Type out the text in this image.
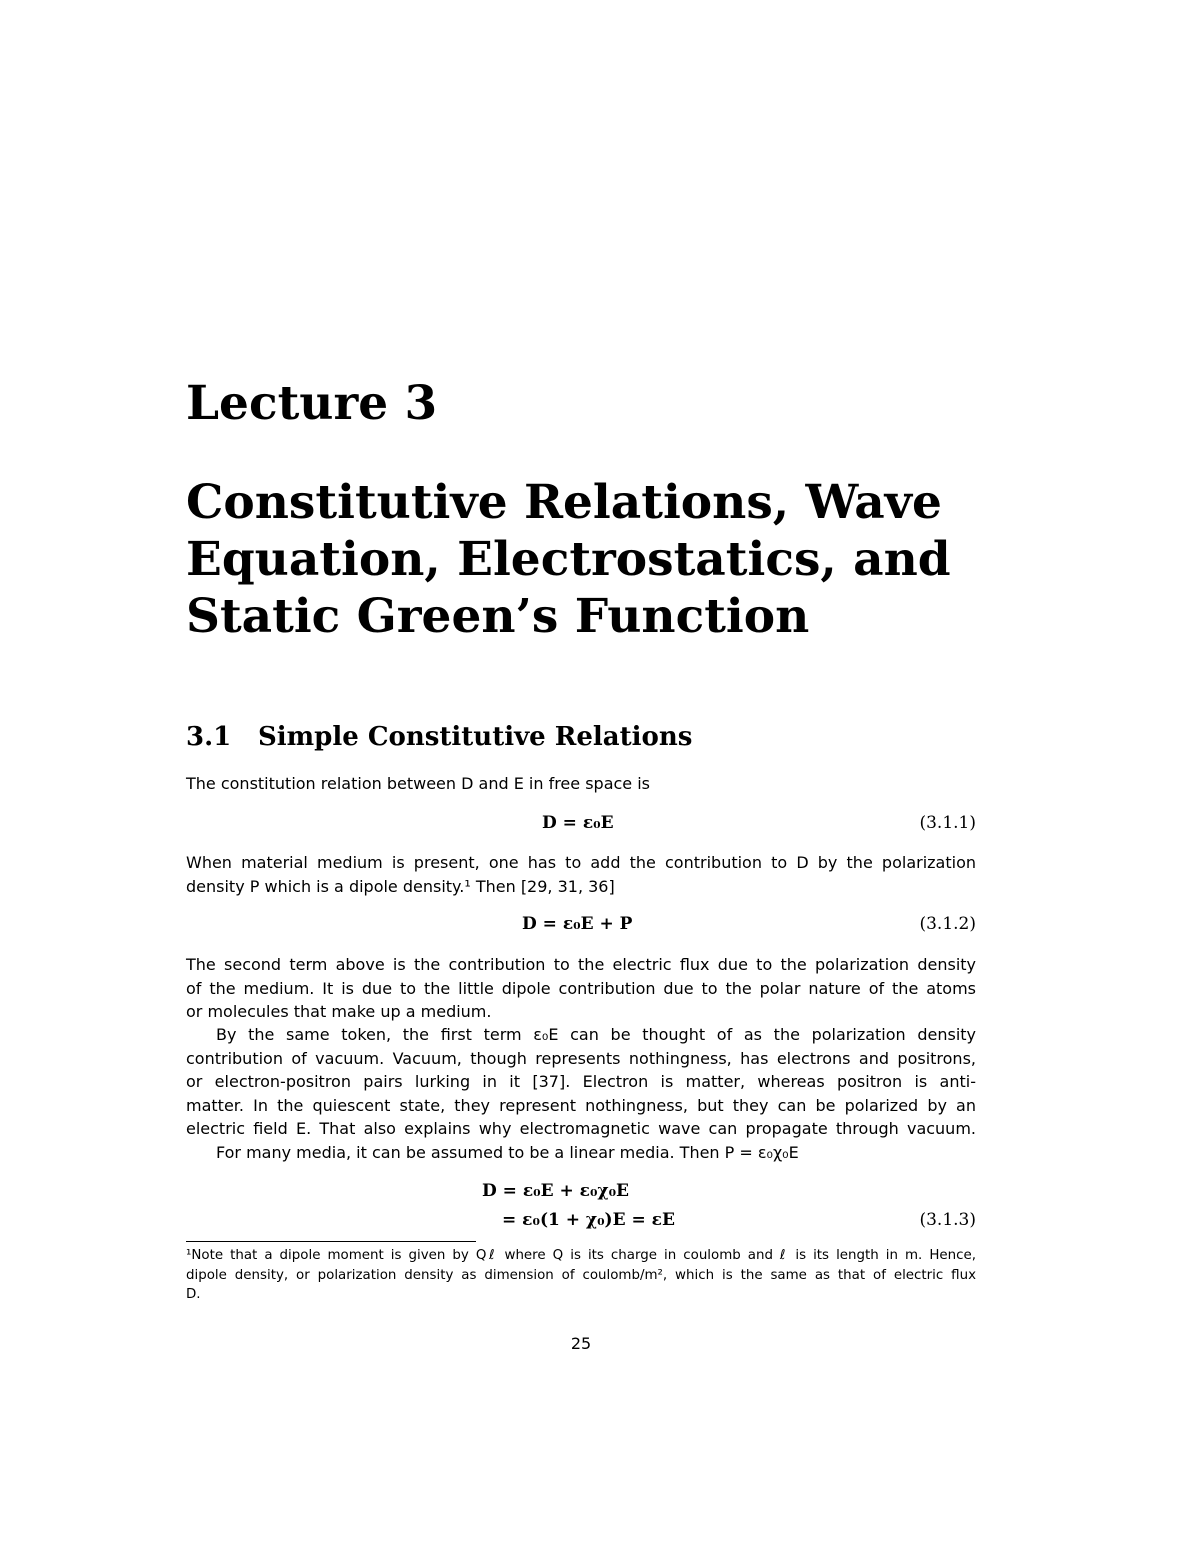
Lecture 3
Constitutive Relations, Wave
Equation, Electrostatics, and
Static Green’s Function
3.1 Simple Constitutive Relations

The constitution relation between D and E in free space is

D = ε₀E	(3.1.1)

When material medium is present, one has to add the contribution to D by the polarization
density P which is a dipole density.¹ Then [29, 31, 36]

D = ε₀E + P	(3.1.2)

The second term above is the contribution to the electric flux due to the polarization density
of the medium. It is due to the little dipole contribution due to the polar nature of the atoms
or molecules that make up a medium.

By the same token, the first term ε₀E can be thought of as the polarization density
contribution of vacuum. Vacuum, though represents nothingness, has electrons and positrons,
or electron-positron pairs lurking in it [37]. Electron is matter, whereas positron is anti-
matter. In the quiescent state, they represent nothingness, but they can be polarized by an
electric field E. That also explains why electromagnetic wave can propagate through vacuum.

For many media, it can be assumed to be a linear media. Then P = ε₀χ₀E

D = ε₀E + ε₀χ₀E
= ε₀(1 + χ₀)E = εE	(3.1.3)
¹Note that a dipole moment is given by Qℓ where Q is its charge in coulomb and ℓ is its length in m. Hence,
dipole density, or polarization density as dimension of coulomb/m², which is the same as that of electric flux
D.
25
